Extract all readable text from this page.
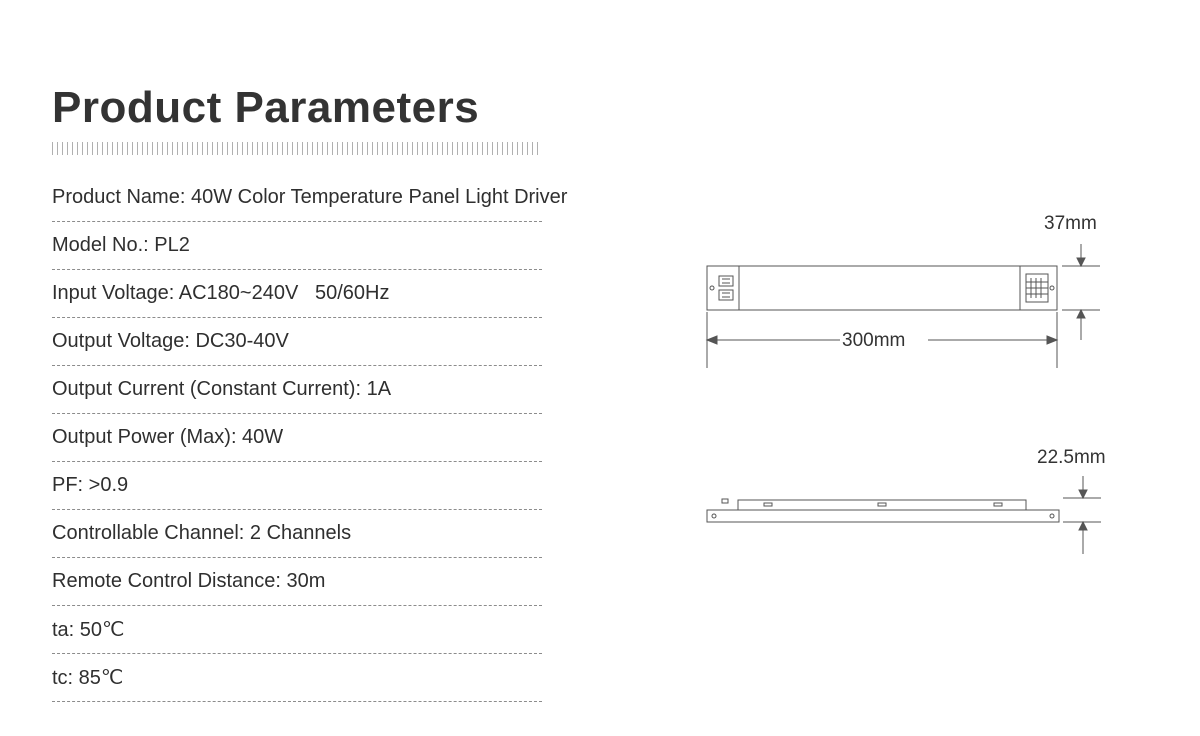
Product Parameters
Product Name: 40W Color Temperature Panel Light Driver
Model No.: PL2
Input Voltage: AC180~240V   50/60Hz
Output Voltage: DC30-40V
Output Current (Constant Current): 1A
Output Power (Max): 40W
PF: >0.9
Controllable Channel: 2 Channels
Remote Control Distance: 30m
ta: 50℃
tc: 85℃
37mm
300mm
22.5mm
